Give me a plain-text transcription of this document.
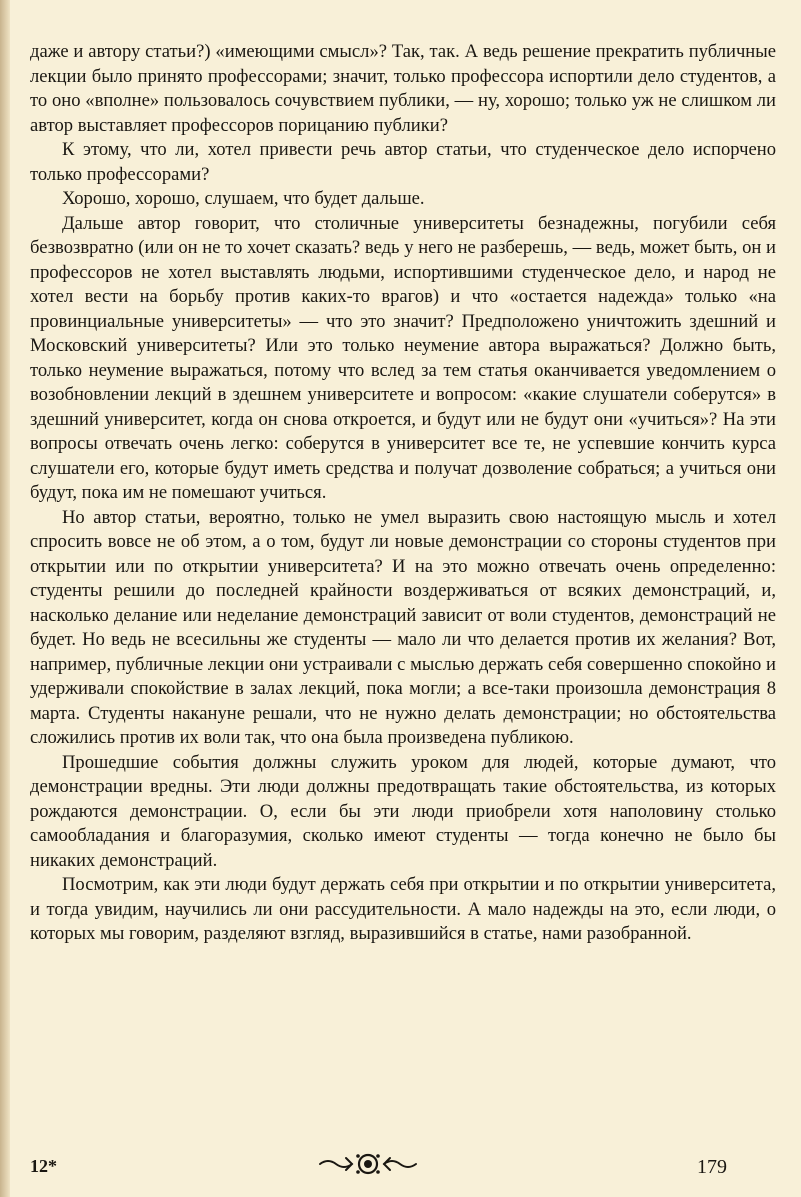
даже и автору статьи?) «имеющими смысл»? Так, так. А ведь решение прекратить публичные лекции было принято профессорами; значит, только профессора испортили дело студентов, а то оно «вполне» пользовалось сочувствием публики, — ну, хорошо; только уж не слишком ли автор выставляет профессоров порицанию публики?

К этому, что ли, хотел привести речь автор статьи, что студенческое дело испорчено только профессорами?

Хорошо, хорошо, слушаем, что будет дальше.

Дальше автор говорит, что столичные университеты безнадежны, погубили себя безвозвратно (или он не то хочет сказать? ведь у него не разберешь, — ведь, может быть, он и профессоров не хотел выставлять людьми, испортившими студенческое дело, и народ не хотел вести на борьбу против каких-то врагов) и что «остается надежда» только «на провинциальные университеты» — что это значит? Предположено уничтожить здешний и Московский университеты? Или это только неумение автора выражаться? Должно быть, только неумение выражаться, потому что вслед за тем статья оканчивается уведомлением о возобновлении лекций в здешнем университете и вопросом: «какие слушатели соберутся» в здешний университет, когда он снова откроется, и будут или не будут они «учиться»? На эти вопросы отвечать очень легко: соберутся в университет все те, не успевшие кончить курса слушатели его, которые будут иметь средства и получат дозволение собраться; а учиться они будут, пока им не помешают учиться.

Но автор статьи, вероятно, только не умел выразить свою настоящую мысль и хотел спросить вовсе не об этом, а о том, будут ли новые демонстрации со стороны студентов при открытии или по открытии университета? И на это можно отвечать очень определенно: студенты решили до последней крайности воздерживаться от всяких демонстраций, и, насколько делание или неделание демонстраций зависит от воли студентов, демонстраций не будет. Но ведь не всесильны же студенты — мало ли что делается против их желания? Вот, например, публичные лекции они устраивали с мыслью держать себя совершенно спокойно и удерживали спокойствие в залах лекций, пока могли; а все-таки произошла демонстрация 8 марта. Студенты накануне решали, что не нужно делать демонстрации; но обстоятельства сложились против их воли так, что она была произведена публикою.

Прошедшие события должны служить уроком для людей, которые думают, что демонстрации вредны. Эти люди должны предотвращать такие обстоятельства, из которых рождаются демонстрации. О, если бы эти люди приобрели хотя наполовину столько самообладания и благоразумия, сколько имеют студенты — тогда конечно не было бы никаких демонстраций.

Посмотрим, как эти люди будут держать себя при открытии и по открытии университета, и тогда увидим, научились ли они рассудительности. А мало надежды на это, если люди, о которых мы говорим, разделяют взгляд, выразившийся в статье, нами разобранной.

12*	179
